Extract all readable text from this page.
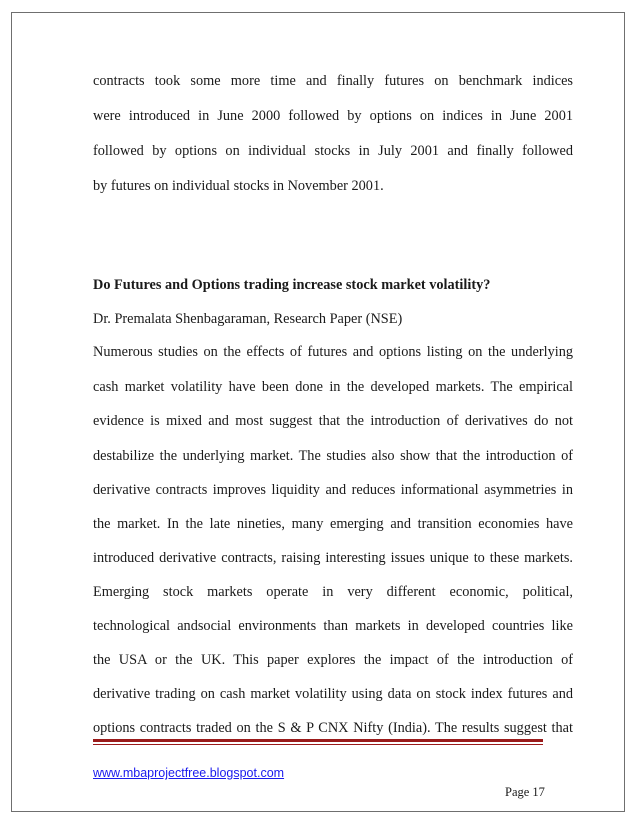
contracts took some more time and finally futures on benchmark indices
were introduced in June 2000 followed by options on indices in June 2001
followed by options on individual stocks in July 2001 and finally followed
by futures on individual stocks in November 2001.
Do Futures and Options trading increase stock market volatility?
Dr. Premalata Shenbagaraman, Research Paper (NSE)
Numerous studies on the effects of futures and options listing on the underlying
cash market volatility have been done in the developed markets. The empirical
evidence is mixed and most suggest that the introduction of derivatives do not
destabilize the underlying market. The studies also show that the introduction of
derivative contracts improves liquidity and reduces informational asymmetries in
the market. In the late nineties, many emerging and transition economies have
introduced derivative contracts, raising interesting issues unique to these markets.
Emerging stock markets operate in very different economic, political,
technological andsocial environments than markets in developed countries like
the USA or the UK. This paper explores the impact of the introduction of
derivative trading on cash market volatility using data on stock index futures and
options contracts traded on the S & P CNX Nifty (India). The results suggest that
www.mbaprojectfree.blogspot.com
Page 17
